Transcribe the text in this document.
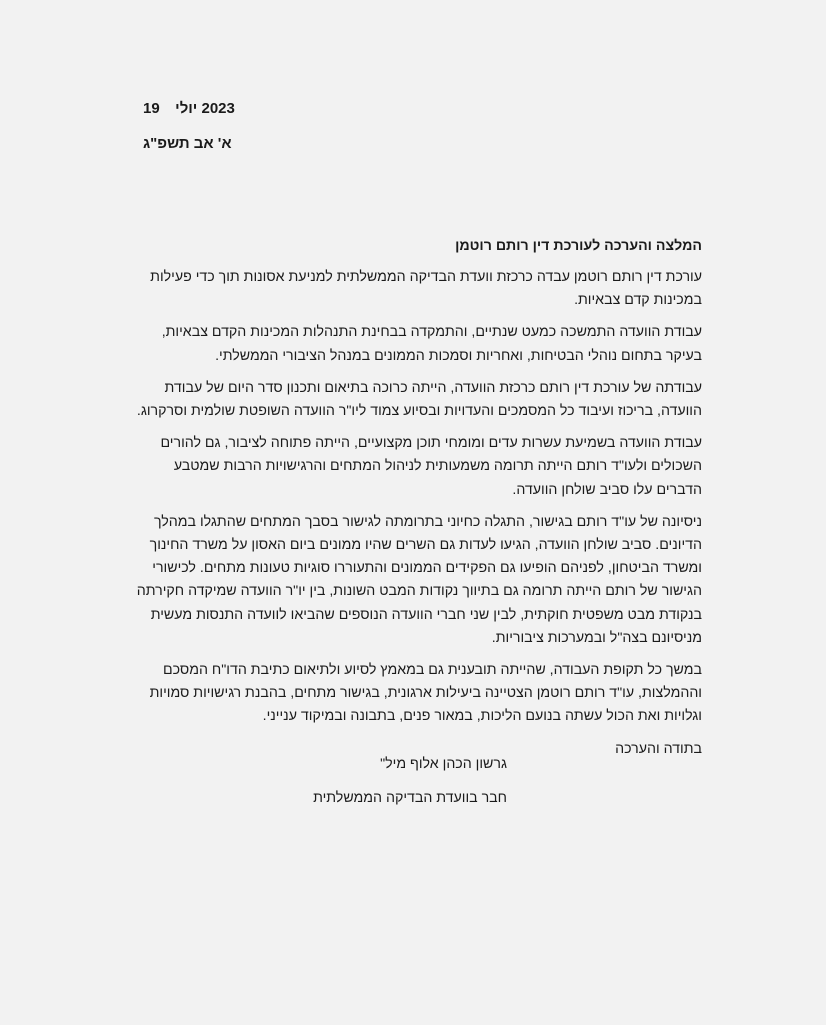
19 יולי 2023
א' אב תשפ"ג
המלצה והערכה לעורכת דין רותם רוטמן

עורכת דין רותם רוטמן עבדה כרכזת וועדת הבדיקה הממשלתית למניעת אסונות תוך כדי פעילות במכינות קדם צבאיות.

עבודת הוועדה התמשכה כמעט שנתיים, והתמקדה בבחינת התנהלות המכינות הקדם צבאיות, בעיקר בתחום נוהלי הבטיחות, ואחריות וסמכות הממונים במנהל הציבורי הממשלתי.

עבודתה של עורכת דין רותם כרכזת הוועדה, הייתה כרוכה בתיאום ותכנון סדר היום של עבודת הוועדה, בריכוז ועיבוד כל המסמכים והעדויות ובסיוע צמוד ליו"ר הוועדה השופטת שולמית וסרקרוג.

עבודת הוועדה בשמיעת עשרות עדים ומומחי תוכן מקצועיים, הייתה פתוחה לציבור, גם להורים השכולים ולעו"ד רותם הייתה תרומה משמעותית לניהול המתחים והרגישויות הרבות שמטבע הדברים עלו סביב שולחן הוועדה.

ניסיונה של עו"ד רותם בגישור, התגלה כחיוני בתרומתה לגישור בסבך המתחים שהתגלו במהלך הדיונים. סביב שולחן הוועדה, הגיעו לעדות גם השרים שהיו ממונים ביום האסון על משרד החינוך ומשרד הביטחון, לפניהם הופיעו גם הפקידים הממונים והתעוררו סוגיות טעונות מתחים. לכישורי הגישור של רותם הייתה תרומה גם בתיווך נקודות המבט השונות, בין יו"ר הוועדה שמיקדה חקירתה בנקודת מבט משפטית חוקתית, לבין שני חברי הוועדה הנוספים שהביאו לוועדה התנסות מעשית מניסיונם בצה"ל ובמערכות ציבוריות.

במשך כל תקופת העבודה, שהייתה תובענית גם במאמץ לסיוע ולתיאום כתיבת הדו"ח המסכם וההמלצות, עו"ד רותם רוטמן הצטיינה ביעילות ארגונית, בגישור מתחים, בהבנת רגישויות סמויות וגלויות ואת הכול עשתה בנועם הליכות, במאור פנים, בתבונה ובמיקוד ענייני.

בתודה והערכה

גרשון הכהן אלוף מיל"
חבר בוועדת הבדיקה הממשלתית
